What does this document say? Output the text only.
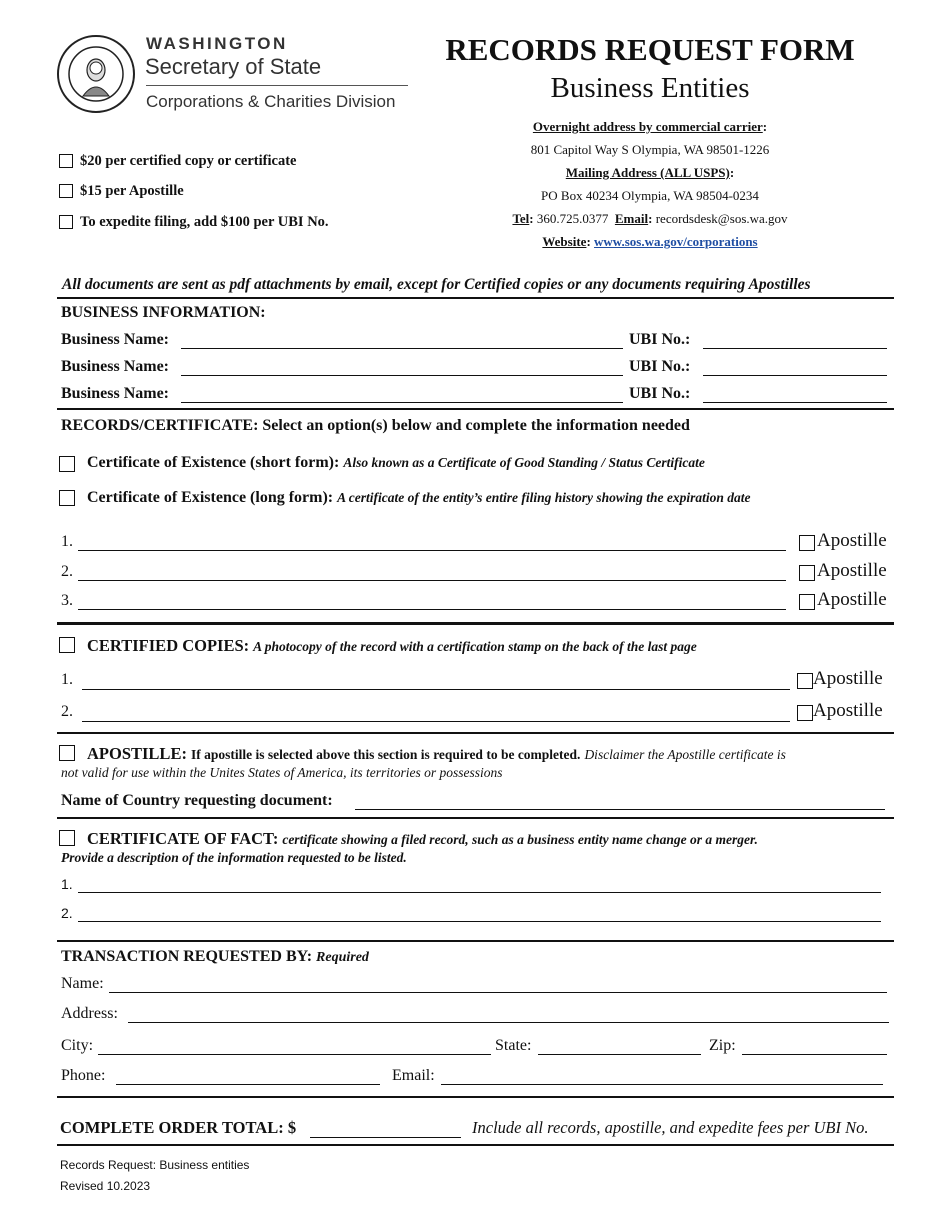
WASHINGTON
Secretary of State
Corporations & Charities Division
RECORDS REQUEST FORM
Business Entities
Overnight address by commercial carrier:
801 Capitol Way S Olympia, WA 98501-1226
Mailing Address (ALL USPS):
PO Box 40234 Olympia, WA 98504-0234
Tel: 360.725.0377 Email: recordsdesk@sos.wa.gov
Website: www.sos.wa.gov/corporations
$20 per certified copy or certificate
$15 per Apostille
To expedite filing, add $100 per UBI No.
All documents are sent as pdf attachments by email, except for Certified copies or any documents requiring Apostilles
BUSINESS INFORMATION:
Business Name:	UBI No.:
Business Name:	UBI No.:
Business Name:	UBI No.:
RECORDS/CERTIFICATE: Select an option(s) below and complete the information needed
Certificate of Existence (short form): Also known as a Certificate of Good Standing / Status Certificate
Certificate of Existence (long form): A certificate of the entity’s entire filing history showing the expiration date
1.	Apostille
2.	Apostille
3.	Apostille
CERTIFIED COPIES: A photocopy of the record with a certification stamp on the back of the last page
1.	Apostille
2.	Apostille
APOSTILLE: If apostille is selected above this section is required to be completed. Disclaimer the Apostille certificate is
not valid for use within the Unites States of America, its territories or possessions
Name of Country requesting document:
CERTIFICATE OF FACT: certificate showing a filed record, such as a business entity name change or a merger.
Provide a description of the information requested to be listed.
1.
2.
TRANSACTION REQUESTED BY: Required
Name:
Address:
City:	State:	Zip:
Phone:	Email:
COMPLETE ORDER TOTAL: $	Include all records, apostille, and expedite fees per UBI No.
Records Request: Business entities
Revised 10.2023
